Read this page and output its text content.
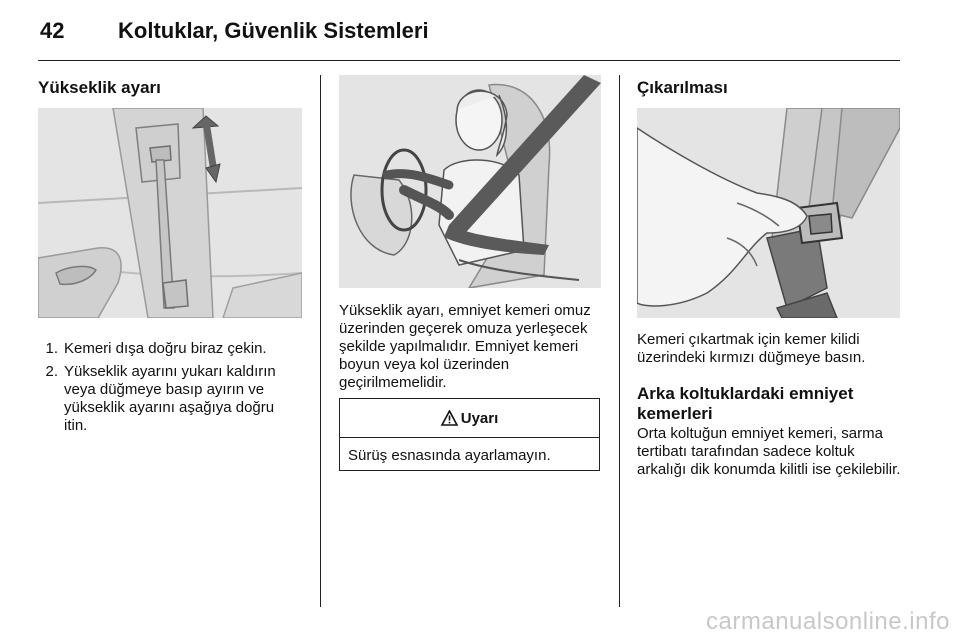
42 Koltuklar, Güvenlik Sistemleri
Yükseklik ayarı
1. Kemeri dışa doğru biraz çekin.
2. Yükseklik ayarını yukarı kaldırın veya düğmeye basıp ayırın ve yükseklik ayarını aşağıya doğru itin.

Yükseklik ayarı, emniyet kemeri omuz üzerinden geçerek omuza yerleşecek şekilde yapılmalıdır. Emniyet kemeri boyun veya kol üzerinden geçirilmemelidir.

Uyarı
Sürüş esnasında ayarlamayın.
Çıkarılması

Kemeri çıkartmak için kemer kilidi üzerindeki kırmızı düğmeye basın.

Arka koltuklardaki emniyet kemerleri

Orta koltuğun emniyet kemeri, sarma tertibatı tarafından sadece koltuk arkalığı dik konumda kilitli ise çekilebilir.

carmanualsonline.info
